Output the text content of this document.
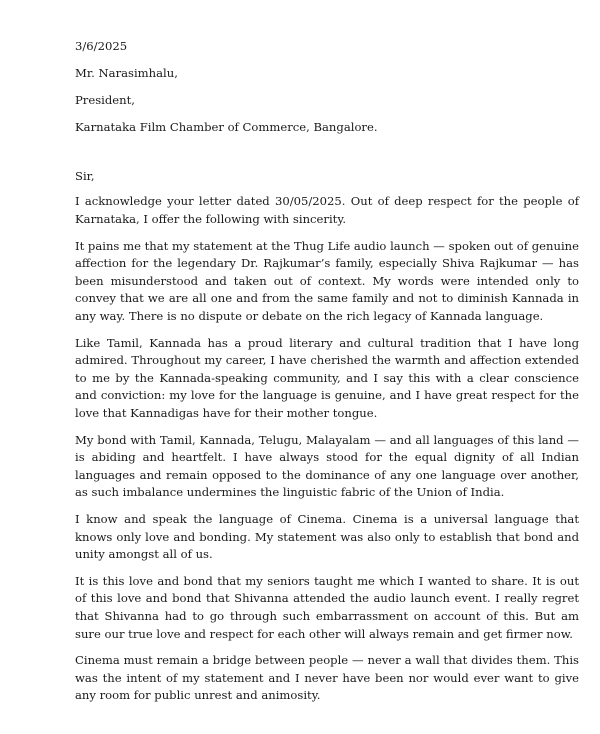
3/6/2025

Mr. Narasimhalu,

President,

Karnataka Film Chamber of Commerce, Bangalore.

Sir,

I acknowledge your letter dated 30/05/2025. Out of deep respect for the people of Karnataka, I offer the following with sincerity.

It pains me that my statement at the Thug Life audio launch — spoken out of genuine affection for the legendary Dr. Rajkumar’s family, especially Shiva Rajkumar — has been misunderstood and taken out of context. My words were intended only to convey that we are all one and from the same family and not to diminish Kannada in any way. There is no dispute or debate on the rich legacy of Kannada language.

Like Tamil, Kannada has a proud literary and cultural tradition that I have long admired. Throughout my career, I have cherished the warmth and affection extended to me by the Kannada-speaking community, and I say this with a clear conscience and conviction: my love for the language is genuine, and I have great respect for the love that Kannadigas have for their mother tongue.

My bond with Tamil, Kannada, Telugu, Malayalam — and all languages of this land — is abiding and heartfelt. I have always stood for the equal dignity of all Indian languages and remain opposed to the dominance of any one language over another, as such imbalance undermines the linguistic fabric of the Union of India.

I know and speak the language of Cinema. Cinema is a universal language that knows only love and bonding. My statement was also only to establish that bond and unity amongst all of us.

It is this love and bond that my seniors taught me which I wanted to share. It is out of this love and bond that Shivanna attended the audio launch event. I really regret that Shivanna had to go through such embarrassment on account of this. But am sure our true love and respect for each other will always remain and get firmer now.

Cinema must remain a bridge between people — never a wall that divides them. This was the intent of my statement and I never have been nor would ever want to give any room for public unrest and animosity.
